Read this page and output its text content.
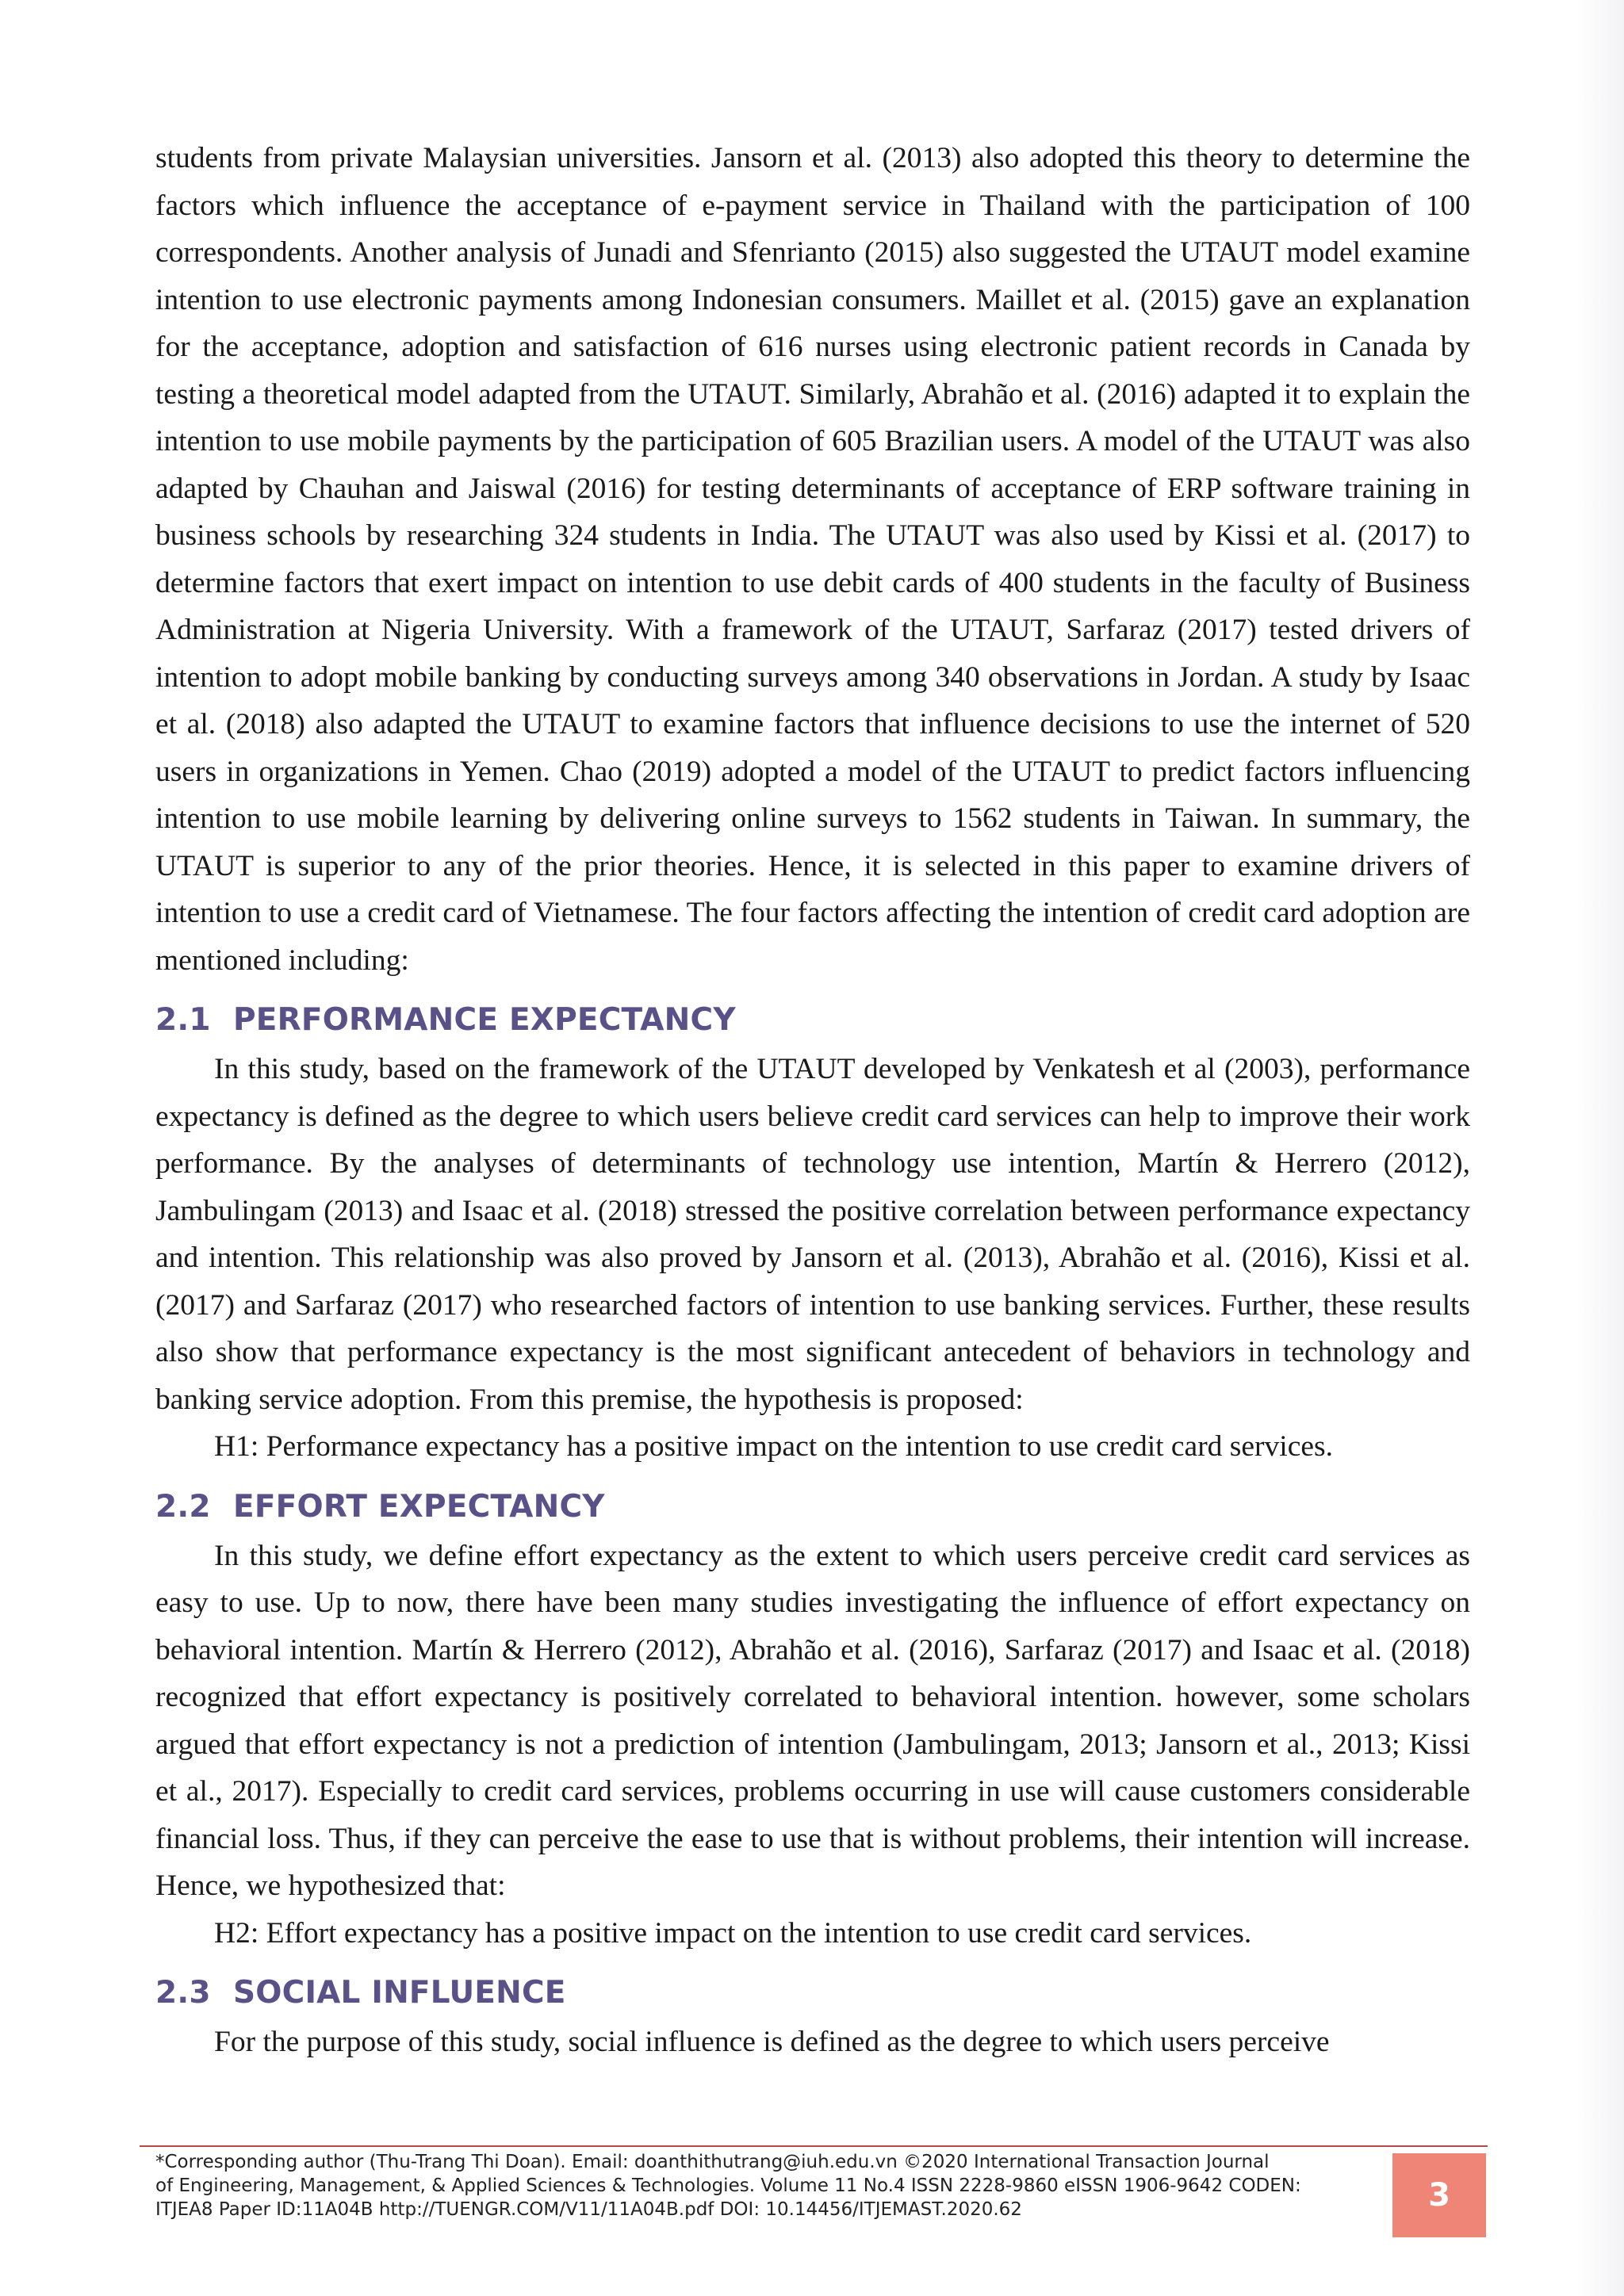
students from private Malaysian universities. Jansorn et al. (2013) also adopted this theory to determine the factors which influence the acceptance of e-payment service in Thailand with the participation of 100 correspondents. Another analysis of Junadi and Sfenrianto (2015) also suggested the UTAUT model examine intention to use electronic payments among Indonesian consumers. Maillet et al. (2015) gave an explanation for the acceptance, adoption and satisfaction of 616 nurses using electronic patient records in Canada by testing a theoretical model adapted from the UTAUT. Similarly, Abrahão et al. (2016) adapted it to explain the intention to use mobile payments by the participation of 605 Brazilian users. A model of the UTAUT was also adapted by Chauhan and Jaiswal (2016) for testing determinants of acceptance of ERP software training in business schools by researching 324 students in India. The UTAUT was also used by Kissi et al. (2017) to determine factors that exert impact on intention to use debit cards of 400 students in the faculty of Business Administration at Nigeria University. With a framework of the UTAUT, Sarfaraz (2017) tested drivers of intention to adopt mobile banking by conducting surveys among 340 observations in Jordan. A study by Isaac et al. (2018) also adapted the UTAUT to examine factors that influence decisions to use the internet of 520 users in organizations in Yemen. Chao (2019) adopted a model of the UTAUT to predict factors influencing intention to use mobile learning by delivering online surveys to 1562 students in Taiwan. In summary, the UTAUT is superior to any of the prior theories. Hence, it is selected in this paper to examine drivers of intention to use a credit card of Vietnamese. The four factors affecting the intention of credit card adoption are mentioned including:

2.1 PERFORMANCE EXPECTANCY

In this study, based on the framework of the UTAUT developed by Venkatesh et al (2003), performance expectancy is defined as the degree to which users believe credit card services can help to improve their work performance. By the analyses of determinants of technology use intention, Martín & Herrero (2012), Jambulingam (2013) and Isaac et al. (2018) stressed the positive correlation between performance expectancy and intention. This relationship was also proved by Jansorn et al. (2013), Abrahão et al. (2016), Kissi et al. (2017) and Sarfaraz (2017) who researched factors of intention to use banking services. Further, these results also show that performance expectancy is the most significant antecedent of behaviors in technology and banking service adoption. From this premise, the hypothesis is proposed:

H1: Performance expectancy has a positive impact on the intention to use credit card services.

2.2 EFFORT EXPECTANCY

In this study, we define effort expectancy as the extent to which users perceive credit card services as easy to use. Up to now, there have been many studies investigating the influence of effort expectancy on behavioral intention. Martín & Herrero (2012), Abrahão et al. (2016), Sarfaraz (2017) and Isaac et al. (2018) recognized that effort expectancy is positively correlated to behavioral intention. however, some scholars argued that effort expectancy is not a prediction of intention (Jambulingam, 2013; Jansorn et al., 2013; Kissi et al., 2017). Especially to credit card services, problems occurring in use will cause customers considerable financial loss. Thus, if they can perceive the ease to use that is without problems, their intention will increase. Hence, we hypothesized that:

H2: Effort expectancy has a positive impact on the intention to use credit card services.

2.3 SOCIAL INFLUENCE

For the purpose of this study, social influence is defined as the degree to which users perceive

*Corresponding author (Thu-Trang Thi Doan). Email: doanthithutrang@iuh.edu.vn ©2020 International Transaction Journal
of Engineering, Management, & Applied Sciences & Technologies. Volume 11 No.4 ISSN 2228-9860 eISSN 1906-9642 CODEN:
ITJEA8 Paper ID:11A04B http://TUENGR.COM/V11/11A04B.pdf DOI: 10.14456/ITJEMAST.2020.62	3
